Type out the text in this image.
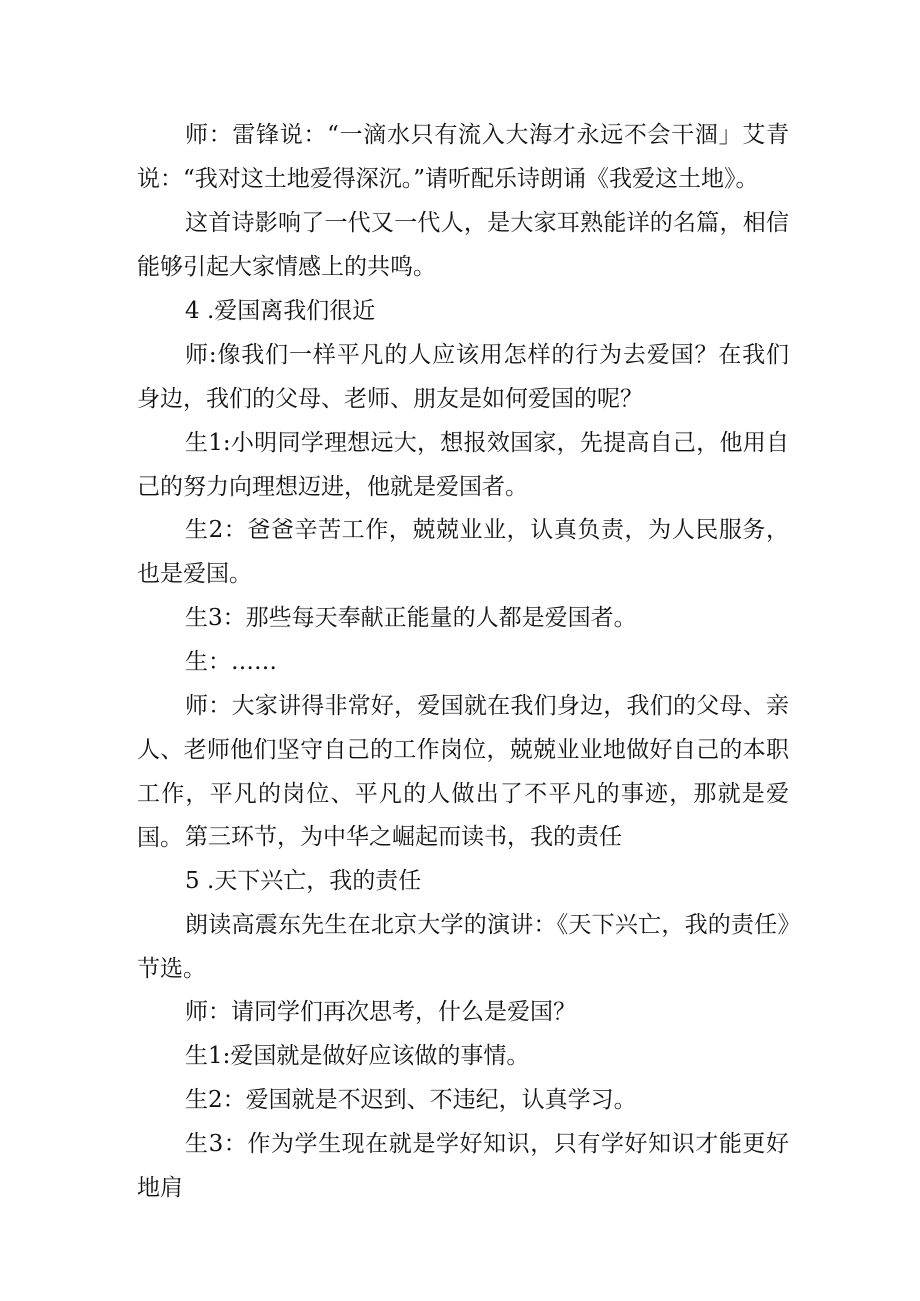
师：雷锋说：“一滴水只有流入大海才永远不会干涸」艾青说：“我对这土地爱得深沉。”请听配乐诗朗诵《我爱这土地》。

这首诗影响了一代又一代人，是大家耳熟能详的名篇，相信能够引起大家情感上的共鸣。

4 .爱国离我们很近

师:像我们一样平凡的人应该用怎样的行为去爱国？在我们身边，我们的父母、老师、朋友是如何爱国的呢？

生1:小明同学理想远大，想报效国家，先提高自己，他用自己的努力向理想迈进，他就是爱国者。

生2：爸爸辛苦工作，兢兢业业，认真负责，为人民服务，也是爱国。

生3：那些每天奉献正能量的人都是爱国者。

生：……

师：大家讲得非常好，爱国就在我们身边，我们的父母、亲人、老师他们坚守自己的工作岗位，兢兢业业地做好自己的本职工作，平凡的岗位、平凡的人做出了不平凡的事迹，那就是爱国。 第三环节，为中华之崛起而读书，我的责任

5 .天下兴亡，我的责任

朗读高震东先生在北京大学的演讲：《天下兴亡，我的责任》节选。

师：请同学们再次思考，什么是爱国？

生1:爱国就是做好应该做的事情。

生2：爱国就是不迟到、不违纪，认真学习。

生3：作为学生现在就是学好知识，只有学好知识才能更好地肩
